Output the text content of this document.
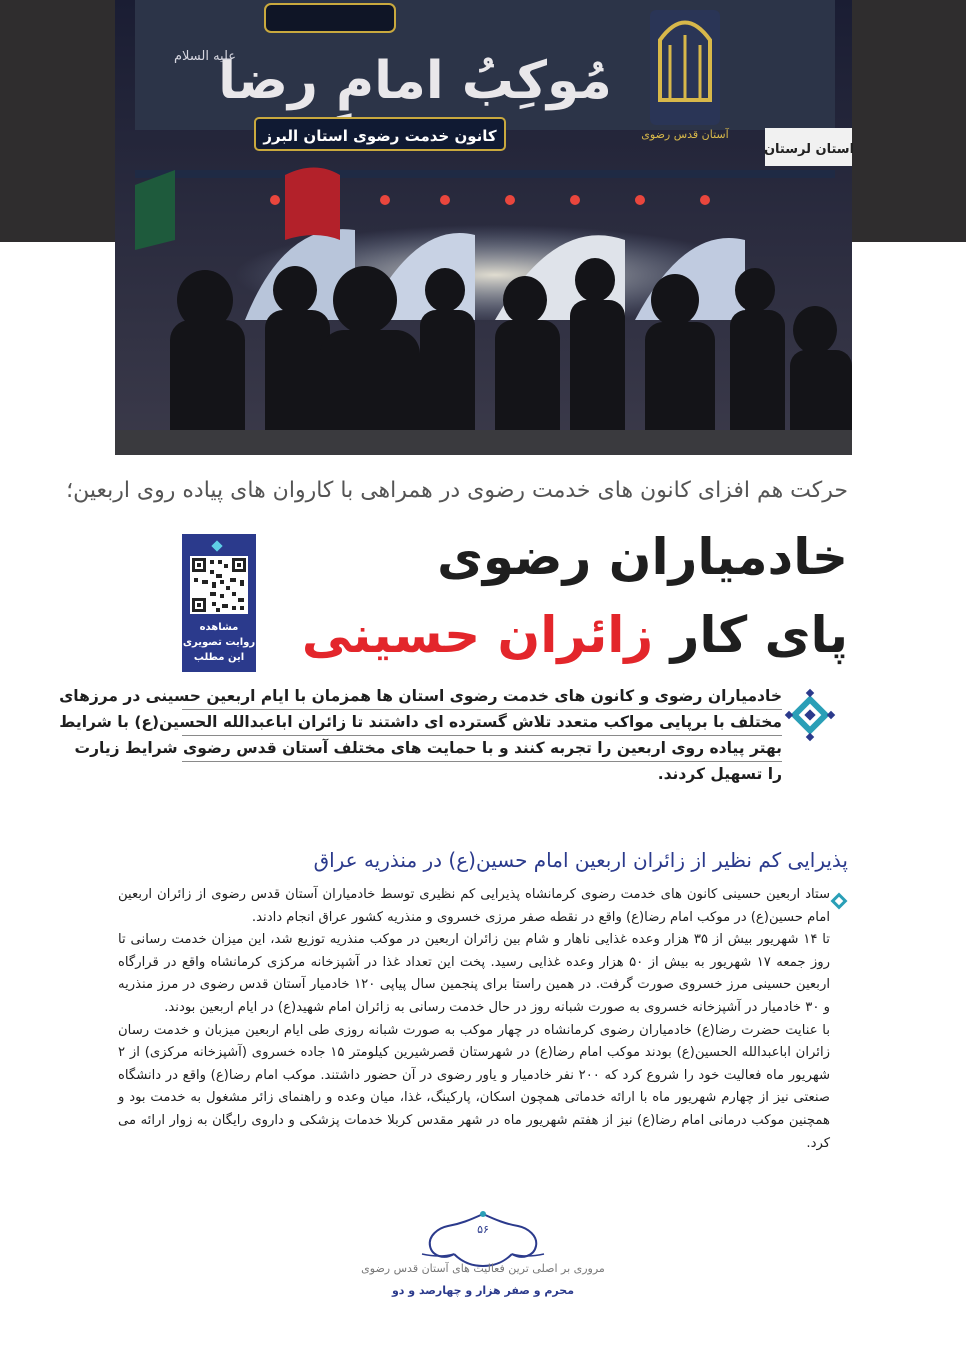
مُوکِبُ امامِ رضا
علیه السلام
کانون خدمت رضوی استان البرز	آستان قدس رضوی
استان لرستان
حرکت هم افزای کانون های خدمت رضوی در همراهی با کاروان های پیاده روی اربعین؛
خادمیاران رضوی
پای کار زائران حسینی
مشاهده
روایت تصویری
این مطلب
خادمیاران رضوی و کانون های خدمت رضوی استان ها همزمان با ایام اربعین حسینی در مرزهای
مختلف با برپایی مواکب متعدد تلاش گسترده ای داشتند تا زائران اباعبدالله الحسین(ع) با شرایط
بهتر پیاده روی اربعین را تجربه کنند و با حمایت های مختلف آستان قدس رضوی شرایط زیارت
را تسهیل کردند.
پذیرایی کم نظیر از زائران اربعین امام حسین(ع) در منذریه عراق

ستاد اربعین حسینی کانون های خدمت رضوی کرمانشاه پذیرایی کم نظیری توسط خادمیاران آستان قدس رضوی از زائران اربعین امام حسین(ع) در موکب امام رضا(ع) واقع در نقطه صفر مرزی خسروی و منذریه کشور عراق انجام دادند.

تا ۱۴ شهریور بیش از ۳۵ هزار وعده غذایی ناهار و شام بین زائران اربعین در موکب منذریه توزیع شد، این میزان خدمت رسانی تا روز جمعه ۱۷ شهریور به بیش از ۵۰ هزار وعده غذایی رسید. پخت این تعداد غذا در آشپزخانه مرکزی کرمانشاه واقع در قرارگاه اربعین حسینی مرز خسروی صورت گرفت. در همین راستا برای پنجمین سال پیاپی ۱۲۰ خادمیار آستان قدس رضوی در مرز منذریه و ۳۰ خادمیار در آشپزخانه خسروی به صورت شبانه روز در حال خدمت رسانی به زائران امام شهید(ع) در ایام اربعین بودند.

با عنایت حضرت رضا(ع) خادمیاران رضوی کرمانشاه در چهار موکب به صورت شبانه روزی طی ایام اربعین میزبان و خدمت رسان زائران اباعبدالله الحسین(ع) بودند موکب امام رضا(ع) در شهرستان قصرشیرین کیلومتر ۱۵ جاده خسروی (آشپزخانه مرکزی) از ۲ شهریور ماه فعالیت خود را شروع کرد که ۲۰۰ نفر خادمیار و یاور رضوی در آن حضور داشتند. موکب امام رضا(ع) واقع در دانشگاه صنعتی نیز از چهارم شهریور ماه با ارائه خدماتی همچون اسکان، پارکینگ، غذا، میان وعده و راهنمای زائر مشغول به خدمت بود و همچنین موکب درمانی امام رضا(ع) نیز از هفتم شهریور ماه در شهر مقدس کربلا خدمات پزشکی و داروی رایگان به زوار ارائه می کرد.

۵۶
مروری بر اصلی ترین فعالیت های آستان قدس رضوی
محرم و صفر هزار و چهارصد و دو
